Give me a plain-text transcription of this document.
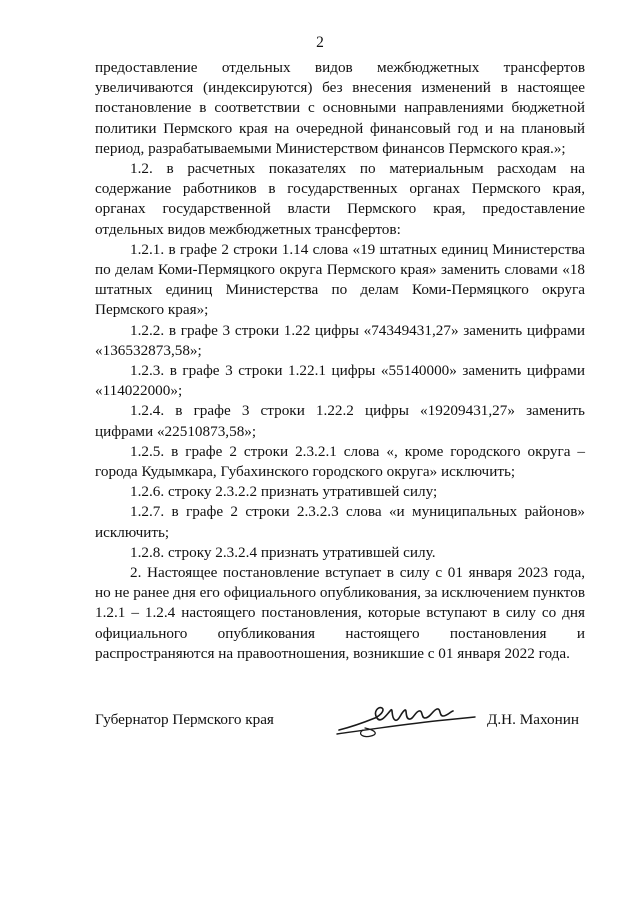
2

предоставление отдельных видов межбюджетных трансфертов увеличиваются (индексируются) без внесения изменений в настоящее постановление в соответствии с основными направлениями бюджетной политики Пермского края на очередной финансовый год и на плановый период, разрабатываемыми Министерством финансов Пермского края.»;

1.2. в расчетных показателях по материальным расходам на содержание работников в государственных органах Пермского края, органах государственной власти Пермского края, предоставление отдельных видов межбюджетных трансфертов:

1.2.1. в графе 2 строки 1.14 слова «19 штатных единиц Министерства по делам Коми-Пермяцкого округа Пермского края» заменить словами «18 штатных единиц Министерства по делам Коми-Пермяцкого округа Пермского края»;

1.2.2. в графе 3 строки 1.22 цифры «74349431,27» заменить цифрами «136532873,58»;

1.2.3. в графе 3 строки 1.22.1 цифры «55140000» заменить цифрами «114022000»;

1.2.4. в графе 3 строки 1.22.2 цифры «19209431,27» заменить цифрами «22510873,58»;

1.2.5. в графе 2 строки 2.3.2.1 слова «, кроме городского округа – города Кудымкара, Губахинского городского округа» исключить;

1.2.6. строку 2.3.2.2 признать утратившей силу;

1.2.7. в графе 2 строки 2.3.2.3 слова «и муниципальных районов» исключить;

1.2.8. строку 2.3.2.4 признать утратившей силу.

2. Настоящее постановление вступает в силу с 01 января 2023 года, но не ранее дня его официального опубликования, за исключением пунктов 1.2.1 – 1.2.4 настоящего постановления, которые вступают в силу со дня официального опубликования настоящего постановления и распространяются на правоотношения, возникшие с 01 января 2022 года.

Губернатор Пермского края	Д.Н. Махонин
